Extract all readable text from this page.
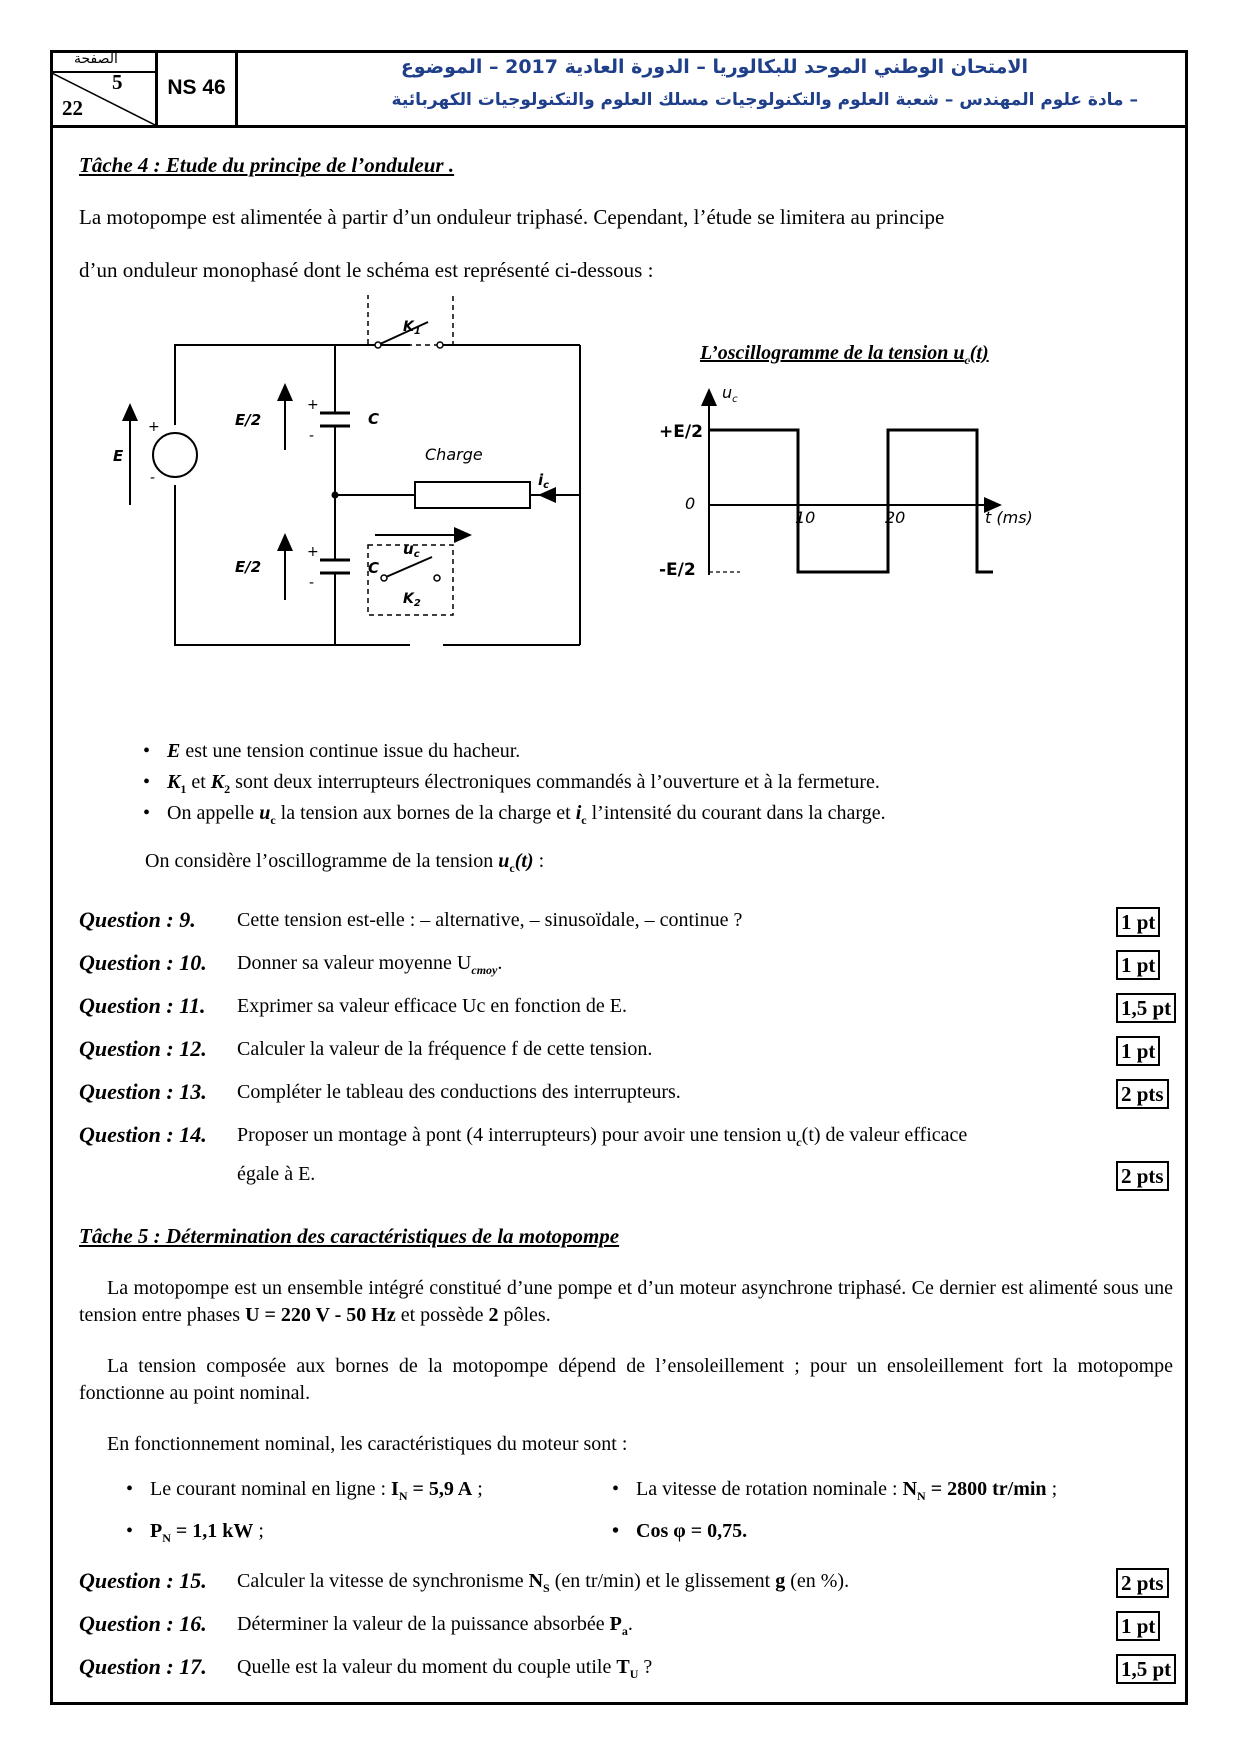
الصفحة
5
22
NS 46
الامتحان الوطني الموحد للبكالوريا – الدورة العادية 2017 – الموضوع
– مادة علوم المهندس – شعبة العلوم والتكنولوجيات مسلك العلوم والتكنولوجيات الكهربائية
Tâche 4 : Etude du principe de l’onduleur .
La motopompe est alimentée à partir d’un onduleur triphasé. Cependant, l’étude se limitera au principe
d’un onduleur monophasé dont le schéma est représenté ci-dessous :
E
+
-
+
-
C
E/2
+
-
C
E/2
Charge
$i_c$
$u_c$
$K_1$
$K_2$
L’oscillogramme de la tension $u_c(t)$
$u_c$
+E/2
0
-E/2
10	20	t (ms)
• E est une tension continue issue du hacheur.
• $K_1$ et $K_2$ sont deux interrupteurs électroniques commandés à l’ouverture et à la fermeture.
• On appelle $u_c$ la tension aux bornes de la charge et $i_c$ l’intensité du courant dans la charge.
On considère l’oscillogramme de la tension $u_c(t)$ :
Question : 9. Cette tension est-elle : – alternative, – sinusoïdale, – continue ?	1 pt
Question : 10. Donner sa valeur moyenne $U_{cmoy}$.	1 pt
Question : 11. Exprimer sa valeur efficace Uc en fonction de E.	1,5 pt
Question : 12. Calculer la valeur de la fréquence f de cette tension.	1 pt
Question : 13. Compléter le tableau des conductions des interrupteurs.	2 pts
Question : 14. Proposer un montage à pont (4 interrupteurs) pour avoir une tension $u_c(t)$ de valeur efficace
égale à E.	2 pts
Tâche 5 : Détermination des caractéristiques de la motopompe
La motopompe est un ensemble intégré constitué d’une pompe et d’un moteur asynchrone triphasé. Ce dernier est alimenté sous une tension entre phases U = 220 V - 50 Hz et possède 2 pôles.
La tension composée aux bornes de la motopompe dépend de l’ensoleillement ; pour un ensoleillement fort la motopompe fonctionne au point nominal.
En fonctionnement nominal, les caractéristiques du moteur sont :
• Le courant nominal en ligne : $I_N = 5,9$ A ;	• La vitesse de rotation nominale : $N_N = 2800$ tr/min ;
• $P_N = 1,1$ kW ;	• Cos φ = 0,75.
Question : 15. Calculer la vitesse de synchronisme $N_S$ (en tr/min) et le glissement g (en %).	2 pts
Question : 16. Déterminer la valeur de la puissance absorbée $P_a$.	1 pt
Question : 17. Quelle est la valeur du moment du couple utile $T_U$ ?	1,5 pt
